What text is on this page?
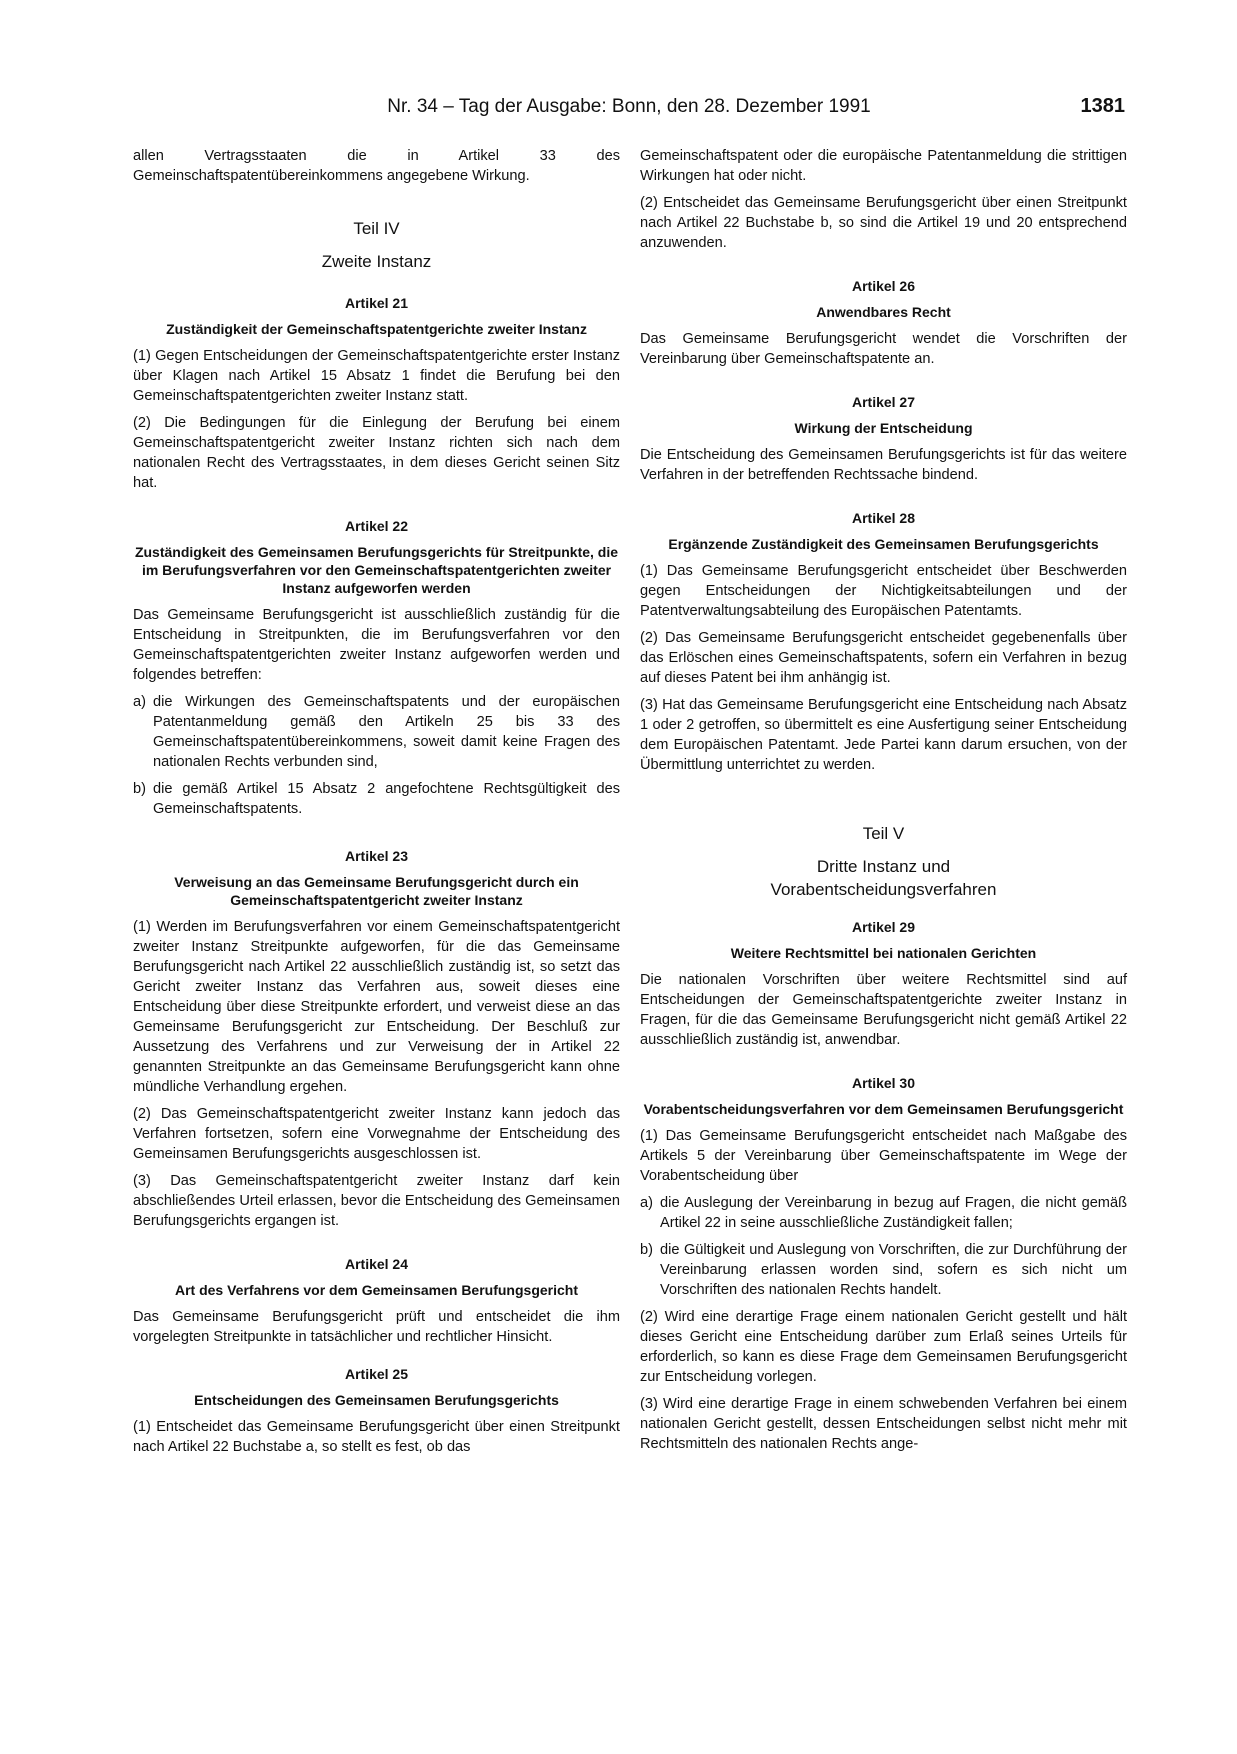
Nr. 34 – Tag der Ausgabe: Bonn, den 28. Dezember 1991	1381

allen Vertragsstaaten die in Artikel 33 des Gemeinschaftspatentübereinkommens angegebene Wirkung.

Teil IV
Zweite Instanz
Artikel 21
Zuständigkeit der Gemeinschaftspatentgerichte zweiter Instanz

(1) Gegen Entscheidungen der Gemeinschaftspatentgerichte erster Instanz über Klagen nach Artikel 15 Absatz 1 findet die Berufung bei den Gemeinschaftspatentgerichten zweiter Instanz statt.

(2) Die Bedingungen für die Einlegung der Berufung bei einem Gemeinschaftspatentgericht zweiter Instanz richten sich nach dem nationalen Recht des Vertragsstaates, in dem dieses Gericht seinen Sitz hat.

Artikel 22
Zuständigkeit des Gemeinsamen Berufungsgerichts für Streitpunkte, die im Berufungsverfahren vor den Gemeinschaftspatentgerichten zweiter Instanz aufgeworfen werden

Das Gemeinsame Berufungsgericht ist ausschließlich zuständig für die Entscheidung in Streitpunkten, die im Berufungsverfahren vor den Gemeinschaftspatentgerichten zweiter Instanz aufgeworfen werden und folgendes betreffen:

a) die Wirkungen des Gemeinschaftspatents und der europäischen Patentanmeldung gemäß den Artikeln 25 bis 33 des Gemeinschaftspatentübereinkommens, soweit damit keine Fragen des nationalen Rechts verbunden sind,
b) die gemäß Artikel 15 Absatz 2 angefochtene Rechtsgültigkeit des Gemeinschaftspatents.
Artikel 23
Verweisung an das Gemeinsame Berufungsgericht durch ein Gemeinschaftspatentgericht zweiter Instanz

(1) Werden im Berufungsverfahren vor einem Gemeinschaftspatentgericht zweiter Instanz Streitpunkte aufgeworfen, für die das Gemeinsame Berufungsgericht nach Artikel 22 ausschließlich zuständig ist, so setzt das Gericht zweiter Instanz das Verfahren aus, soweit dieses eine Entscheidung über diese Streitpunkte erfordert, und verweist diese an das Gemeinsame Berufungsgericht zur Entscheidung. Der Beschluß zur Aussetzung des Verfahrens und zur Verweisung der in Artikel 22 genannten Streitpunkte an das Gemeinsame Berufungsgericht kann ohne mündliche Verhandlung ergehen.

(2) Das Gemeinschaftspatentgericht zweiter Instanz kann jedoch das Verfahren fortsetzen, sofern eine Vorwegnahme der Entscheidung des Gemeinsamen Berufungsgerichts ausgeschlossen ist.

(3) Das Gemeinschaftspatentgericht zweiter Instanz darf kein abschließendes Urteil erlassen, bevor die Entscheidung des Gemeinsamen Berufungsgerichts ergangen ist.

Artikel 24
Art des Verfahrens vor dem Gemeinsamen Berufungsgericht

Das Gemeinsame Berufungsgericht prüft und entscheidet die ihm vorgelegten Streitpunkte in tatsächlicher und rechtlicher Hinsicht.

Artikel 25
Entscheidungen des Gemeinsamen Berufungsgerichts

(1) Entscheidet das Gemeinsame Berufungsgericht über einen Streitpunkt nach Artikel 22 Buchstabe a, so stellt es fest, ob das

Gemeinschaftspatent oder die europäische Patentanmeldung die strittigen Wirkungen hat oder nicht.

(2) Entscheidet das Gemeinsame Berufungsgericht über einen Streitpunkt nach Artikel 22 Buchstabe b, so sind die Artikel 19 und 20 entsprechend anzuwenden.

Artikel 26
Anwendbares Recht

Das Gemeinsame Berufungsgericht wendet die Vorschriften der Vereinbarung über Gemeinschaftspatente an.

Artikel 27
Wirkung der Entscheidung

Die Entscheidung des Gemeinsamen Berufungsgerichts ist für das weitere Verfahren in der betreffenden Rechtssache bindend.

Artikel 28
Ergänzende Zuständigkeit des Gemeinsamen Berufungsgerichts

(1) Das Gemeinsame Berufungsgericht entscheidet über Beschwerden gegen Entscheidungen der Nichtigkeitsabteilungen und der Patentverwaltungsabteilung des Europäischen Patentamts.

(2) Das Gemeinsame Berufungsgericht entscheidet gegebenenfalls über das Erlöschen eines Gemeinschaftspatents, sofern ein Verfahren in bezug auf dieses Patent bei ihm anhängig ist.

(3) Hat das Gemeinsame Berufungsgericht eine Entscheidung nach Absatz 1 oder 2 getroffen, so übermittelt es eine Ausfertigung seiner Entscheidung dem Europäischen Patentamt. Jede Partei kann darum ersuchen, von der Übermittlung unterrichtet zu werden.

Teil V
Dritte Instanz und
Vorabentscheidungsverfahren
Artikel 29
Weitere Rechtsmittel bei nationalen Gerichten

Die nationalen Vorschriften über weitere Rechtsmittel sind auf Entscheidungen der Gemeinschaftspatentgerichte zweiter Instanz in Fragen, für die das Gemeinsame Berufungsgericht nicht gemäß Artikel 22 ausschließlich zuständig ist, anwendbar.

Artikel 30
Vorabentscheidungsverfahren vor dem Gemeinsamen Berufungsgericht

(1) Das Gemeinsame Berufungsgericht entscheidet nach Maßgabe des Artikels 5 der Vereinbarung über Gemeinschaftspatente im Wege der Vorabentscheidung über

a) die Auslegung der Vereinbarung in bezug auf Fragen, die nicht gemäß Artikel 22 in seine ausschließliche Zuständigkeit fallen;
b) die Gültigkeit und Auslegung von Vorschriften, die zur Durchführung der Vereinbarung erlassen worden sind, sofern es sich nicht um Vorschriften des nationalen Rechts handelt.

(2) Wird eine derartige Frage einem nationalen Gericht gestellt und hält dieses Gericht eine Entscheidung darüber zum Erlaß seines Urteils für erforderlich, so kann es diese Frage dem Gemeinsamen Berufungsgericht zur Entscheidung vorlegen.

(3) Wird eine derartige Frage in einem schwebenden Verfahren bei einem nationalen Gericht gestellt, dessen Entscheidungen selbst nicht mehr mit Rechtsmitteln des nationalen Rechts ange-
